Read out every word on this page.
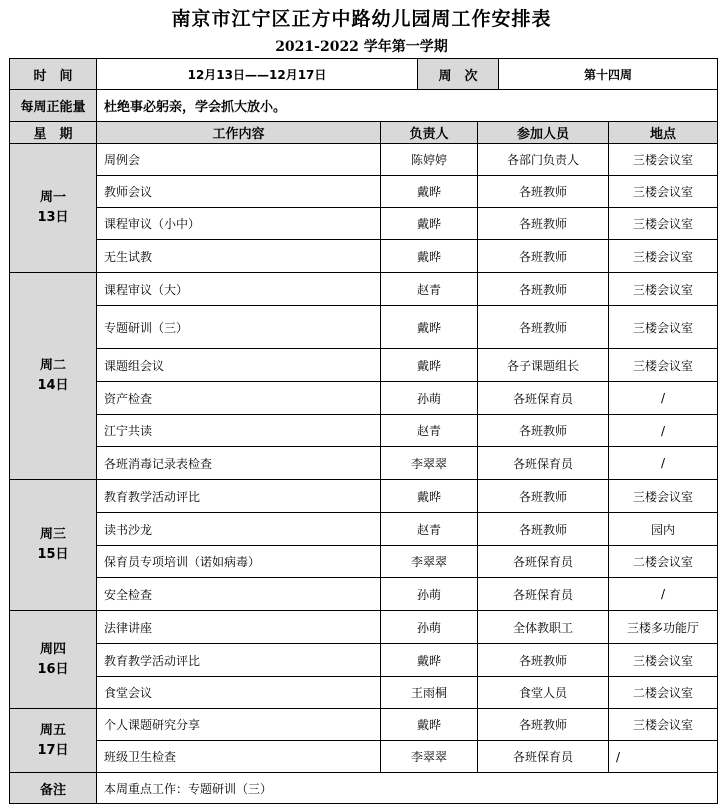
南京市江宁区正方中路幼儿园周工作安排表
2021-2022 学年第一学期
时　间	12月13日——12月17日		周　次		第十四周	
每周正能量	杜绝事必躬亲，学会抓大放小。					
星　期	工作内容	负责人		参加人员		地点

周一
13日	周例会	陈婷婷		各部门负责人		三楼会议室
	教师会议	戴晔		各班教师		三楼会议室
	课程审议（小中）	戴晔		各班教师		三楼会议室
	无生试教	戴晔		各班教师		三楼会议室

周二
14日	课程审议（大）	赵青		各班教师		三楼会议室
	专题研训（三）	戴晔		各班教师		三楼会议室
	课题组会议	戴晔		各子课题组长		三楼会议室
	资产检查	孙萌		各班保育员		/
	江宁共读	赵青		各班教师		/
	各班消毒记录表检查	李翠翠		各班保育员		/

周三
15日	教育教学活动评比	戴晔		各班教师		三楼会议室
	读书沙龙	赵青		各班教师		园内
	保育员专项培训（诺如病毒）	李翠翠		各班保育员		二楼会议室
	安全检查	孙萌		各班保育员		/

周四
16日	法律讲座	孙萌		全体教职工		三楼多功能厅
	教育教学活动评比	戴晔		各班教师		三楼会议室
	食堂会议	王雨桐		食堂人员		二楼会议室

周五
17日	个人课题研究分享	戴晔		各班教师		三楼会议室
	班级卫生检查	李翠翠		各班保育员		/
备注	本周重点工作：专题研训（三）					
